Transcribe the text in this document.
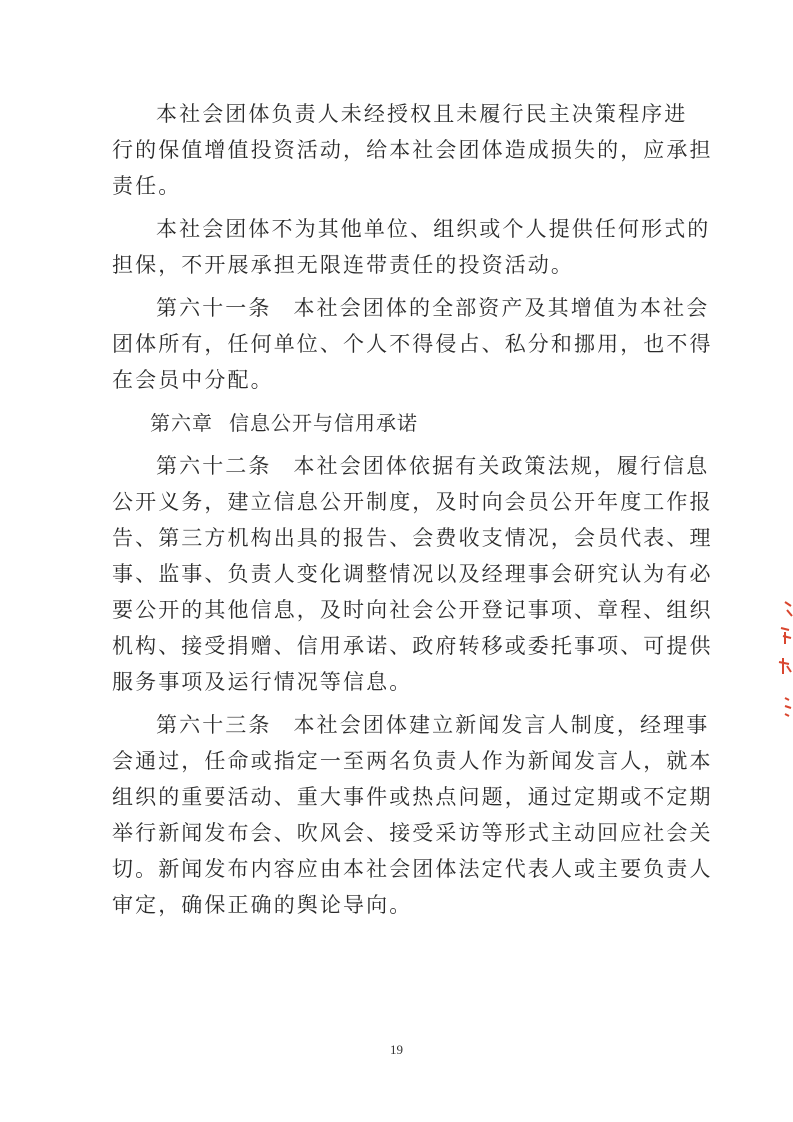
本社会团体负责人未经授权且未履行民主决策程序进
行的保值增值投资活动，给本社会团体造成损失的，应承担
责任。
本社会团体不为其他单位、组织或个人提供任何形式的
担保，不开展承担无限连带责任的投资活动。
第六十一条 本社会团体的全部资产及其增值为本社会
团体所有，任何单位、个人不得侵占、私分和挪用，也不得
在会员中分配。
第六章 信息公开与信用承诺
第六十二条 本社会团体依据有关政策法规，履行信息
公开义务，建立信息公开制度，及时向会员公开年度工作报
告、第三方机构出具的报告、会费收支情况，会员代表、理
事、监事、负责人变化调整情况以及经理事会研究认为有必
要公开的其他信息，及时向社会公开登记事项、章程、组织
机构、接受捐赠、信用承诺、政府转移或委托事项、可提供
服务事项及运行情况等信息。
第六十三条 本社会团体建立新闻发言人制度，经理事
会通过，任命或指定一至两名负责人作为新闻发言人，就本
组织的重要活动、重大事件或热点问题，通过定期或不定期
举行新闻发布会、吹风会、接受采访等形式主动回应社会关
切。新闻发布内容应由本社会团体法定代表人或主要负责人
审定，确保正确的舆论导向。
19
